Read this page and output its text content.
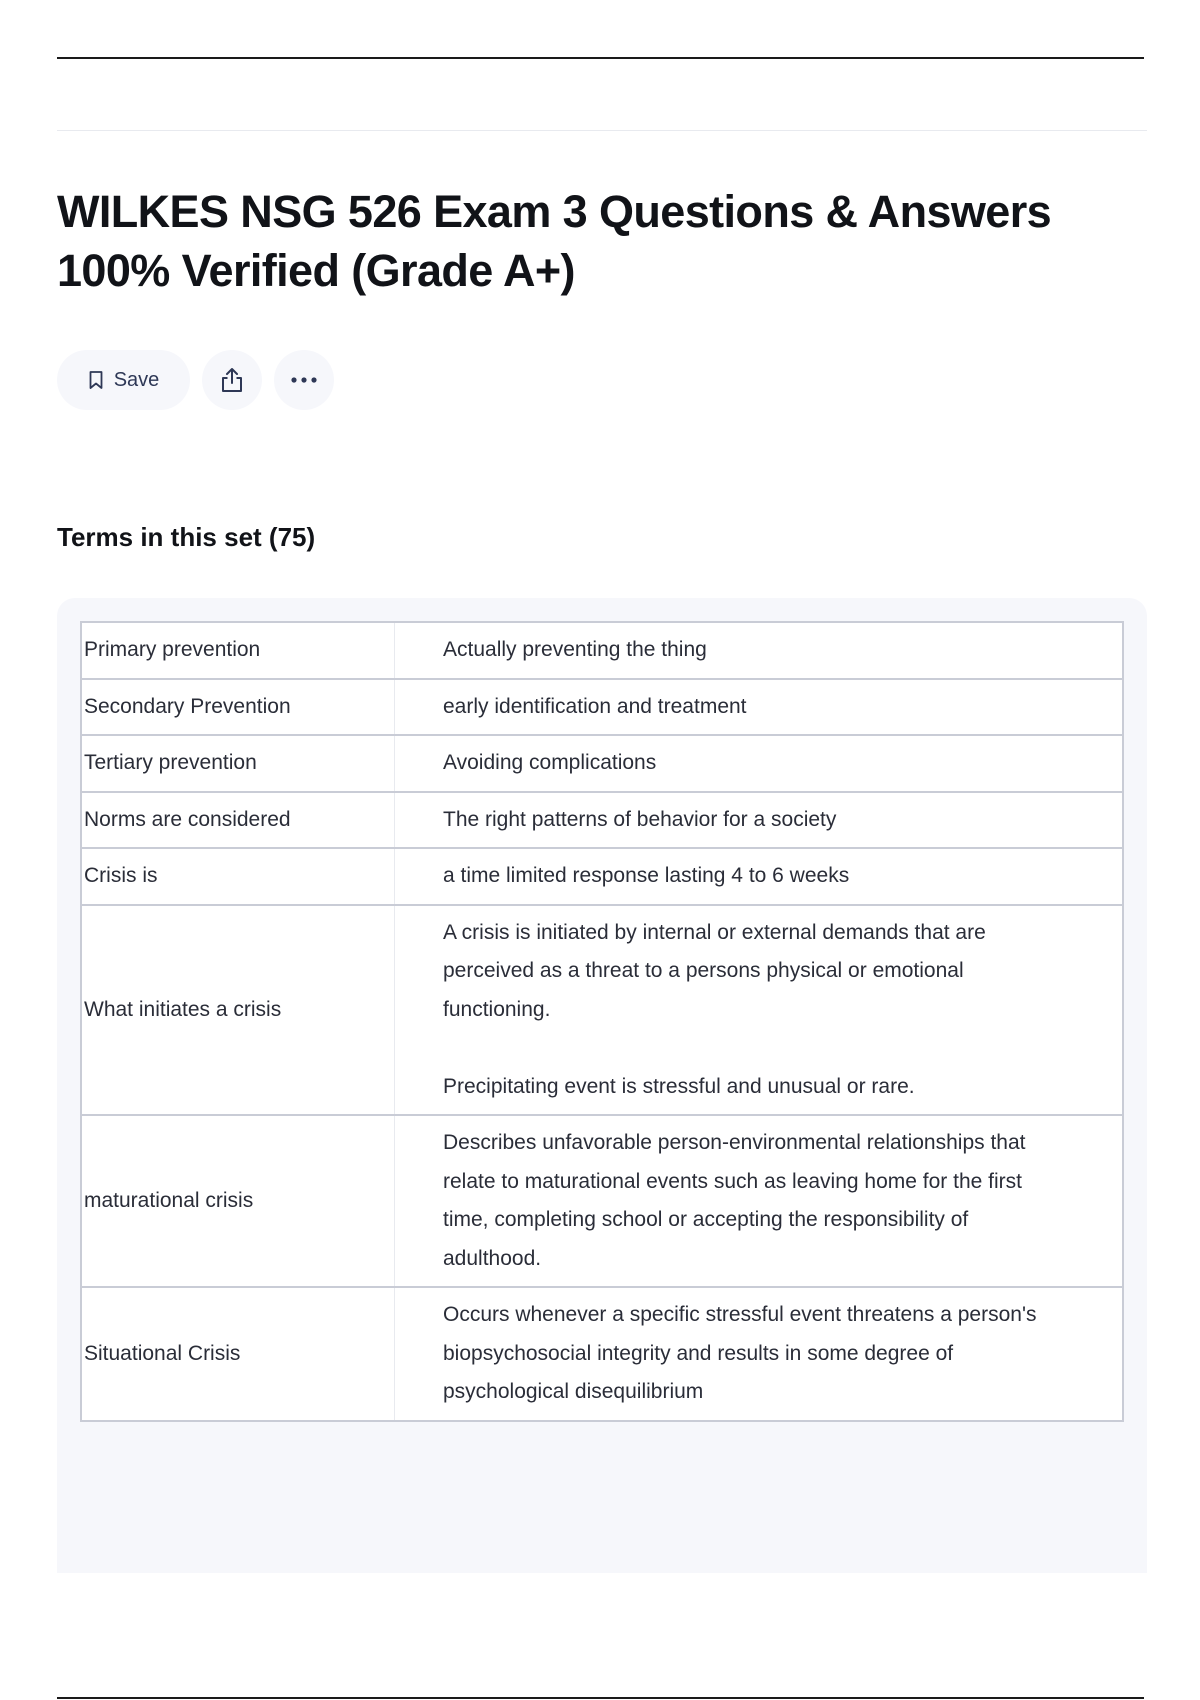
WILKES NSG 526 Exam 3 Questions & Answers 100% Verified (Grade A+)
Save
Terms in this set (75)
Primary prevention	Actually preventing the thing

Secondary Prevention	early identification and treatment

Tertiary prevention	Avoiding complications

Norms are considered	The right patterns of behavior for a society

Crisis is	a time limited response lasting 4 to 6 weeks

What initiates a crisis	A crisis is initiated by internal or external demands that are perceived as a threat to a persons physical or emotional functioning.

Precipitating event is stressful and unusual or rare.

maturational crisis	Describes unfavorable person-environmental relationships that relate to maturational events such as leaving home for the first time, completing school or accepting the responsibility of adulthood.

Situational Crisis	Occurs whenever a specific stressful event threatens a person's
biopsychosocial integrity and results in some degree of psychological disequilibrium
